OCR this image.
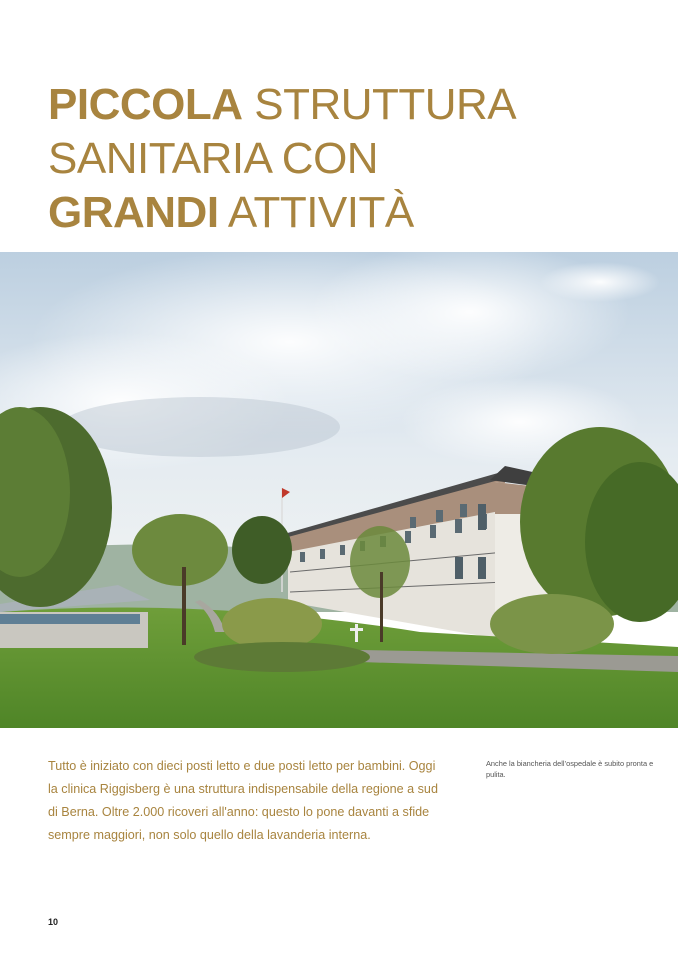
PICCOLA STRUTTURA
SANITARIA CON
GRANDI ATTIVITÀ

Tutto è iniziato con dieci posti letto e due posti letto per bambini. Oggi la clinica Riggisberg è una struttura indispensabile della regione a sud di Berna. Oltre 2.000 ricoveri all'anno: questo lo pone davanti a sfide sempre maggiori, non solo quello della lavanderia interna.

Anche la biancheria dell’ospedale è subito pronta e pulita.

10
